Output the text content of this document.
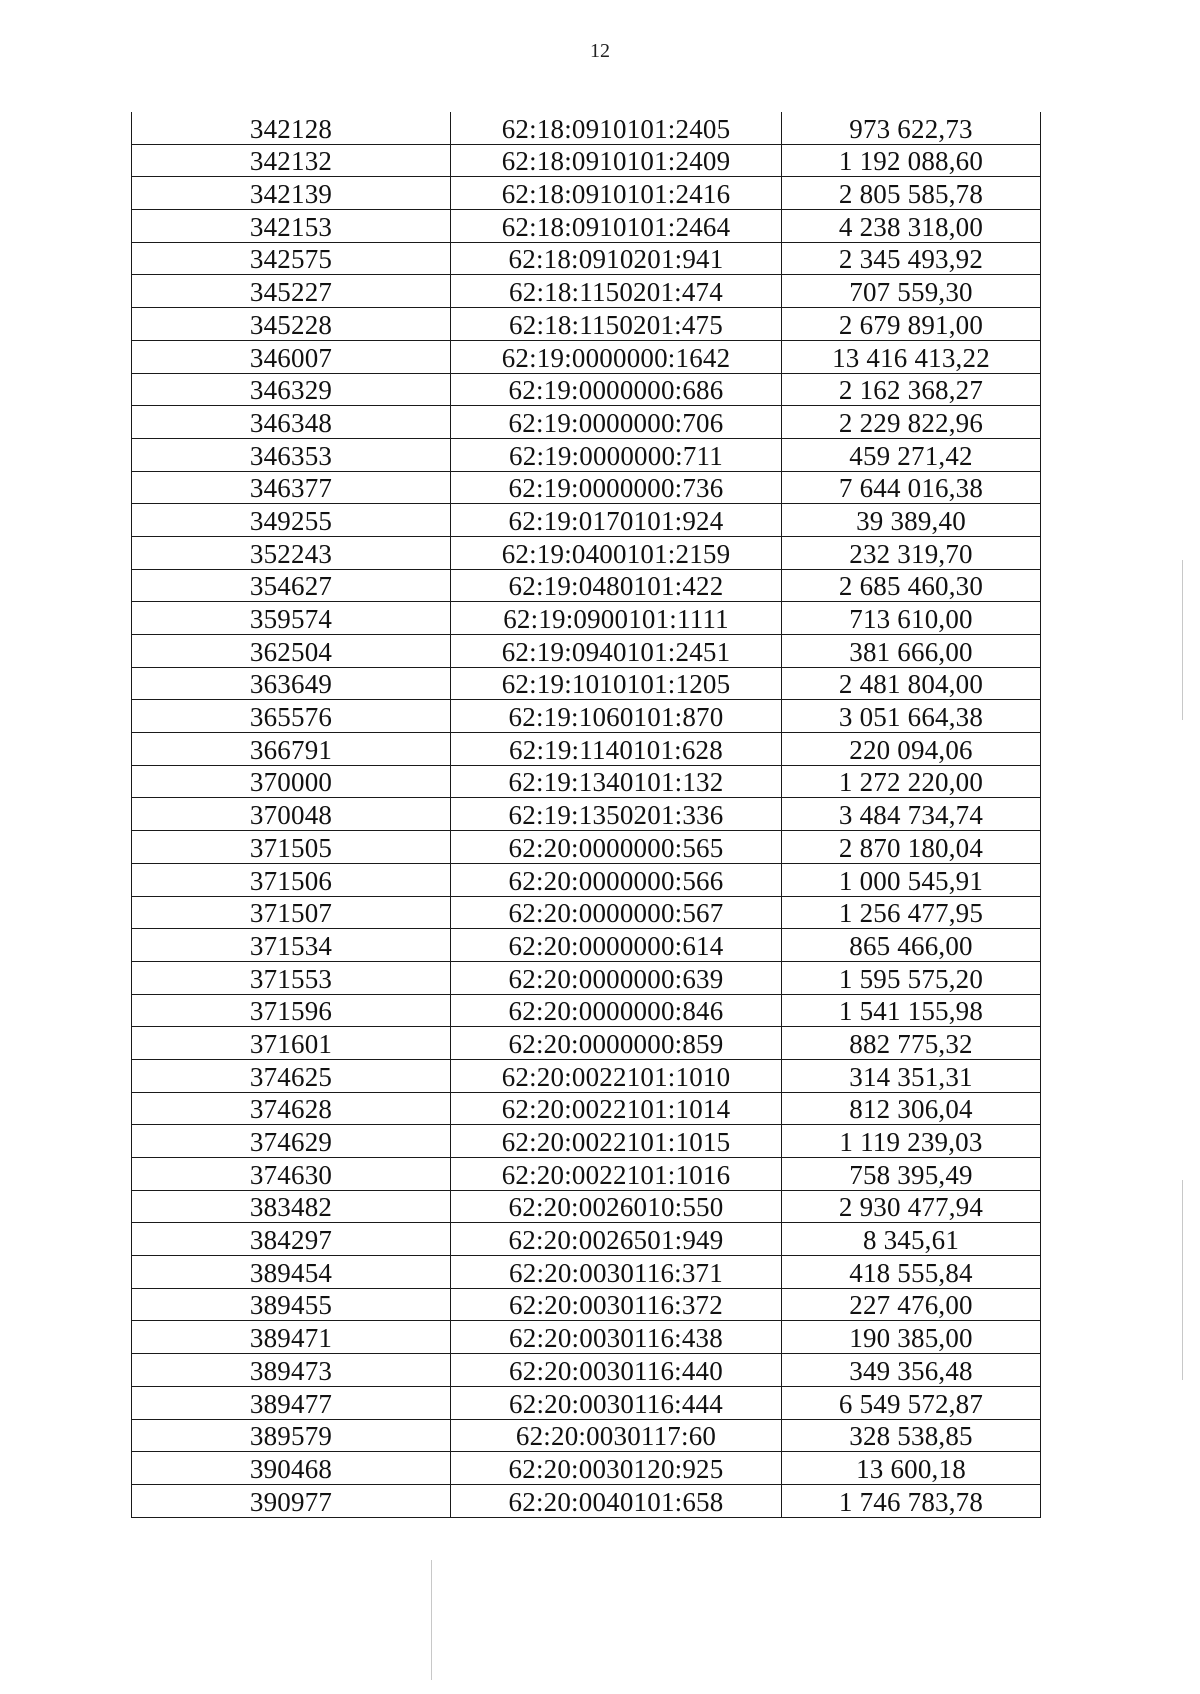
12
342128	62:18:0910101:2405	973 622,73
342132	62:18:0910101:2409	1 192 088,60
342139	62:18:0910101:2416	2 805 585,78
342153	62:18:0910101:2464	4 238 318,00
342575	62:18:0910201:941	2 345 493,92
345227	62:18:1150201:474	707 559,30
345228	62:18:1150201:475	2 679 891,00
346007	62:19:0000000:1642	13 416 413,22
346329	62:19:0000000:686	2 162 368,27
346348	62:19:0000000:706	2 229 822,96
346353	62:19:0000000:711	459 271,42
346377	62:19:0000000:736	7 644 016,38
349255	62:19:0170101:924	39 389,40
352243	62:19:0400101:2159	232 319,70
354627	62:19:0480101:422	2 685 460,30
359574	62:19:0900101:1111	713 610,00
362504	62:19:0940101:2451	381 666,00
363649	62:19:1010101:1205	2 481 804,00
365576	62:19:1060101:870	3 051 664,38
366791	62:19:1140101:628	220 094,06
370000	62:19:1340101:132	1 272 220,00
370048	62:19:1350201:336	3 484 734,74
371505	62:20:0000000:565	2 870 180,04
371506	62:20:0000000:566	1 000 545,91
371507	62:20:0000000:567	1 256 477,95
371534	62:20:0000000:614	865 466,00
371553	62:20:0000000:639	1 595 575,20
371596	62:20:0000000:846	1 541 155,98
371601	62:20:0000000:859	882 775,32
374625	62:20:0022101:1010	314 351,31
374628	62:20:0022101:1014	812 306,04
374629	62:20:0022101:1015	1 119 239,03
374630	62:20:0022101:1016	758 395,49
383482	62:20:0026010:550	2 930 477,94
384297	62:20:0026501:949	8 345,61
389454	62:20:0030116:371	418 555,84
389455	62:20:0030116:372	227 476,00
389471	62:20:0030116:438	190 385,00
389473	62:20:0030116:440	349 356,48
389477	62:20:0030116:444	6 549 572,87
389579	62:20:0030117:60	328 538,85
390468	62:20:0030120:925	13 600,18
390977	62:20:0040101:658	1 746 783,78
